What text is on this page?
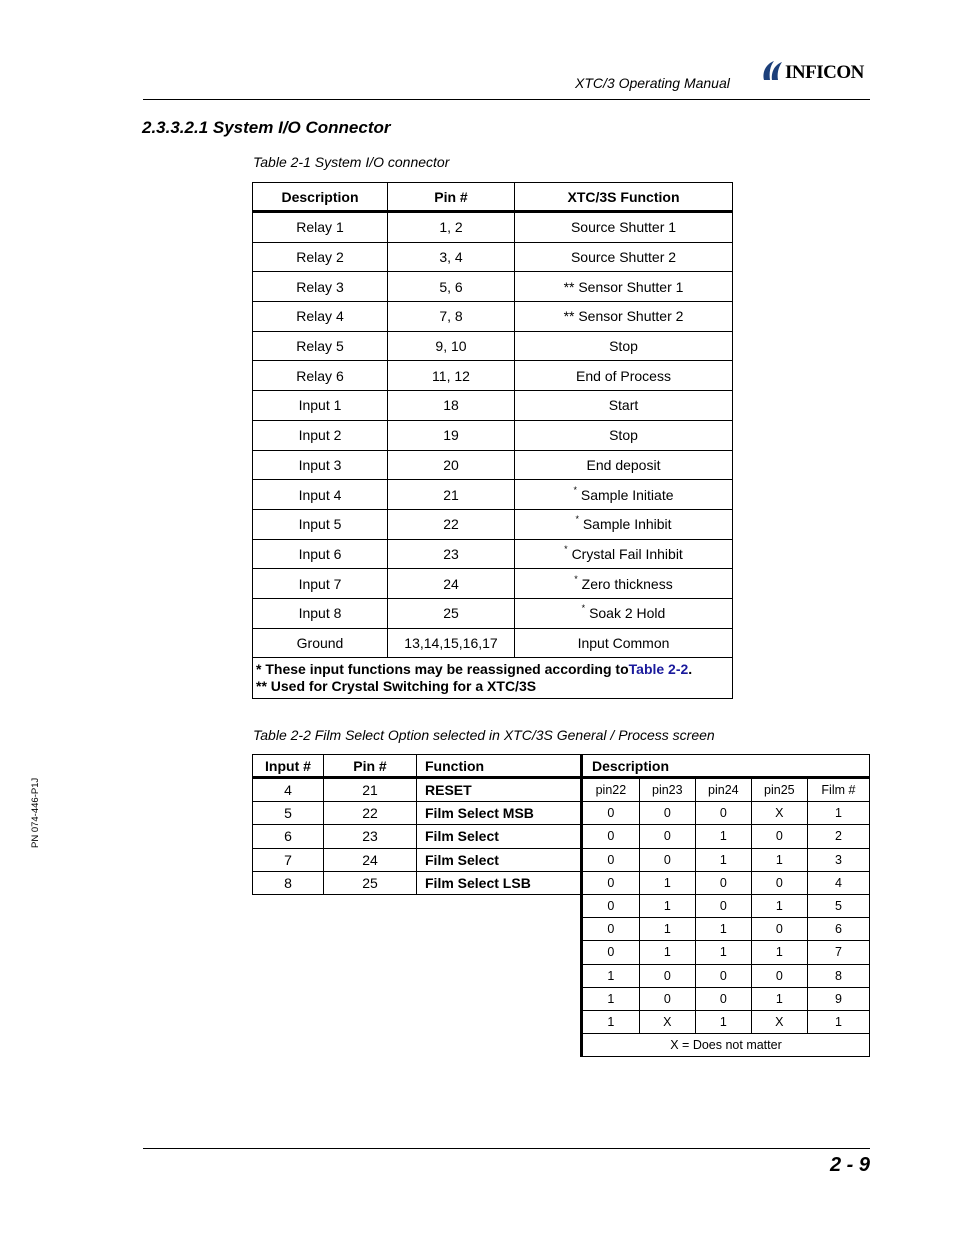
XTC/3 Operating Manual	INFICON
2.3.3.2.1 System I/O Connector
Table 2-1 System I/O connector
Description	Pin #	XTC/3S Function
Relay 1	1, 2	Source Shutter 1
Relay 2	3, 4	Source Shutter 2
Relay 3	5, 6	** Sensor Shutter 1
Relay 4	7, 8	** Sensor Shutter 2
Relay 5	9, 10	Stop
Relay 6	11, 12	End of Process
Input 1	18	Start
Input 2	19	Stop
Input 3	20	End deposit
Input 4	21	* Sample Initiate
Input 5	22	* Sample Inhibit
Input 6	23	* Crystal Fail Inhibit
Input 7	24	* Zero thickness
Input 8	25	* Soak 2 Hold
Ground	13,14,15,16,17	Input Common
* These input functions may be reassigned according toTable 2-2.
** Used for Crystal Switching for a XTC/3S		
Table 2-2 Film Select Option selected in XTC/3S General / Process screen
Input #	Pin #	Function
4	21	RESET
5	22	Film Select MSB
6	23	Film Select
7	24	Film Select
8	25	Film Select LSB
Description				
pin22	pin23	pin24	pin25	Film #
0	0	0	X	1
0	0	1	0	2
0	0	1	1	3
0	1	0	0	4
0	1	0	1	5
0	1	1	0	6
0	1	1	1	7
1	0	0	0	8
1	0	0	1	9
1	X	1	X	1
X = Does not matter				
PN 074-446-P1J
2 - 9
